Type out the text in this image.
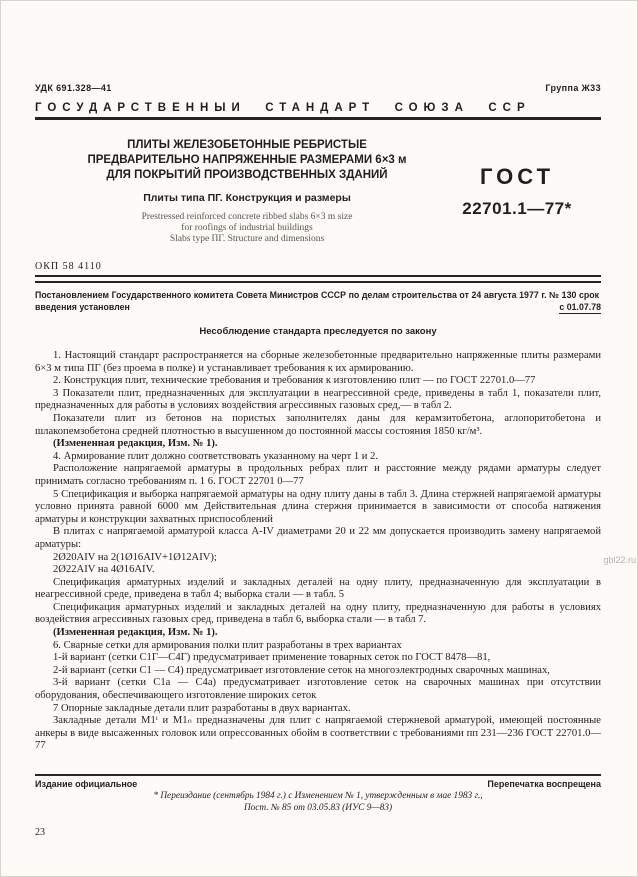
УДК 691.328—41	Группа Ж33
ГОСУДАРСТВЕННЫЙ СТАНДАРТ СОЮЗА ССР
ПЛИТЫ ЖЕЛЕЗОБЕТОННЫЕ РЕБРИСТЫЕ
ПРЕДВАРИТЕЛЬНО НАПРЯЖЕННЫЕ РАЗМЕРАМИ 6×3 м
ДЛЯ ПОКРЫТИЙ ПРОИЗВОДСТВЕННЫХ ЗДАНИЙ
Плиты типа ПГ. Конструкция и размеры
Prestressed reinforced concrete ribbed slabs 6×3 m size
for roofings of industrial buildings
Slabs type ПГ. Structure and dimensions
ГОСТ
22701.1—77*
ОКП 58 4110
Постановлением Государственного комитета Совета Министров СССР по делам строительства от 24 августа 1977 г. № 130 срок введения установлен	с 01.07.78
Несоблюдение стандарта преследуется по закону

1. Настоящий стандарт распространяется на сборные железобетонные предварительно напряженные плиты размерами 6×3 м типа ПГ (без проема в полке) и устанавливает требования к их армированию.

2. Конструкция плит, технические требования и требования к изготовлению плит — по ГОСТ 22701.0—77

3 Показатели плит, предназначенных для эксплуатации в неагрессивной среде, приведены в табл 1, показатели плит, предназначенных для работы в условиях воздействия агрессивных газовых сред,— в табл 2.

Показатели плит из бетонов на пористых заполнителях даны для керамзитобетона, аглопоритобетона и шлакопемзобетона средней плотностью в высушенном до постоянной массы состояния 1850 кг/м³.

(Измененная редакция, Изм. № 1).

4. Армирование плит должно соответствовать указанному на черт 1 и 2.

Расположение напрягаемой арматуры в продольных ребрах плит и расстояние между рядами арматуры следует принимать согласно требованиям п. 1 6. ГОСТ 22701 0—77

5 Спецификация и выборка напрягаемой арматуры на одну плиту даны в табл 3. Длина стержней напрягаемой арматуры условно принята равной 6000 мм Действительная длина стержня принимается в зависимости от способа натяжения арматуры и конструкции захватных приспособлений

В плитах с напрягаемой арматурой класса А-IV диаметрами 20 и 22 мм допускается производить замену напрягаемой арматуры:

2Ø20АIV на 2(1Ø16АIV+1Ø12АIV);

2Ø22АIV на 4Ø16АIV.

Спецификация арматурных изделий и закладных деталей на одну плиту, предназначенную для эксплуатации в неагрессивной среде, приведена в табл 4; выборка стали — в табл. 5

Спецификация арматурных изделий и закладных деталей на одну плиту, предназначенную для работы в условиях воздействия агрессивных газовых сред, приведена в табл 6, выборка стали — в табл 7.

(Измененная редакция, Изм. № 1).

6. Сварные сетки для армирования полки плит разработаны в трех вариантах

1-й вариант (сетки С1Г—С4Г) предусматривает применение товарных сеток по ГОСТ 8478—81,

2-й вариант (сетки С1 — С4) предусматривает изготовление сеток на многоэлектродных сварочных машинах,

3-й вариант (сетки С1а — С4а) предусматривает изготовление сеток на сварочных машинах при отсутствии оборудования, обеспечивающего изготовление широких сеток

7 Опорные закладные детали плит разработаны в двух вариантах.

Закладные детали М1ᵗ и М1ₙ предназначены для плит с напрягаемой стержневой арматурой, имеющей постоянные анкеры в виде высаженных головок или опрессованных обойм в соответствии с требованиями пп 231—236 ГОСТ 22701.0—77

Издание официальное	Перепечатка воспрещена
* Переиздание (сентябрь 1984 г.) с Изменением № 1, утвержденным в мае 1983 г.,
Пост. № 85 от 03.05.83 (ИУС 9—83)
23
gbl22.ru
